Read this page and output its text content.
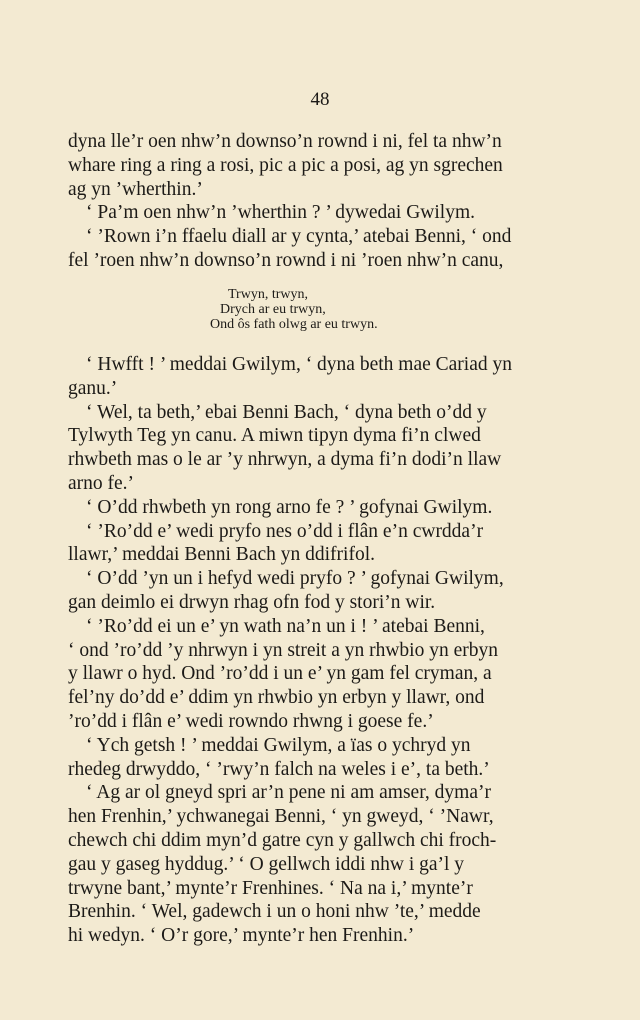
48
dyna lle’r oen nhw’n downso’n rownd i ni, fel ta nhw’n
whare ring a ring a rosi, pic a pic a posi, ag yn sgrechen
ag yn ’wherthin.’
‘ Pa’m oen nhw’n ’wherthin ? ’ dywedai Gwilym.
‘ ’Rown i’n ffaelu diall ar y cynta,’ atebai Benni, ‘ ond
fel ’roen nhw’n downso’n rownd i ni ’roen nhw’n canu,
Trwyn, trwyn,
Drych ar eu trwyn,
Ond ôs fath olwg ar eu trwyn.
‘ Hwfft ! ’ meddai Gwilym, ‘ dyna beth mae Cariad yn
ganu.’
‘ Wel, ta beth,’ ebai Benni Bach, ‘ dyna beth o’dd y
Tylwyth Teg yn canu. A miwn tipyn dyma fi’n clwed
rhwbeth mas o le ar ’y nhrwyn, a dyma fi’n dodi’n llaw
arno fe.’
‘ O’dd rhwbeth yn rong arno fe ? ’ gofynai Gwilym.
‘ ’Ro’dd e’ wedi pryfo nes o’dd i flân e’n cwrdda’r
llawr,’ meddai Benni Bach yn ddifrifol.
‘ O’dd ’yn un i hefyd wedi pryfo ? ’ gofynai Gwilym,
gan deimlo ei drwyn rhag ofn fod y stori’n wir.
‘ ’Ro’dd ei un e’ yn wath na’n un i ! ’ atebai Benni,
‘ ond ’ro’dd ’y nhrwyn i yn streit a yn rhwbio yn erbyn
y llawr o hyd. Ond ’ro’dd i un e’ yn gam fel cryman, a
fel’ny do’dd e’ ddim yn rhwbio yn erbyn y llawr, ond
’ro’dd i flân e’ wedi rowndo rhwng i goese fe.’
‘ Ych getsh ! ’ meddai Gwilym, a ïas o ychryd yn
rhedeg drwyddo, ‘ ’rwy’n falch na weles i e’, ta beth.’
‘ Ag ar ol gneyd spri ar’n pene ni am amser, dyma’r
hen Frenhin,’ ychwanegai Benni, ‘ yn gweyd, ‘ ’Nawr,
chewch chi ddim myn’d gatre cyn y gallwch chi froch-
gau y gaseg hyddug.’ ‘ O gellwch iddi nhw i ga’l y
trwyne bant,’ mynte’r Frenhines. ‘ Na na i,’ mynte’r
Brenhin. ‘ Wel, gadewch i un o honi nhw ’te,’ medde
hi wedyn. ‘ O’r gore,’ mynte’r hen Frenhin.’
